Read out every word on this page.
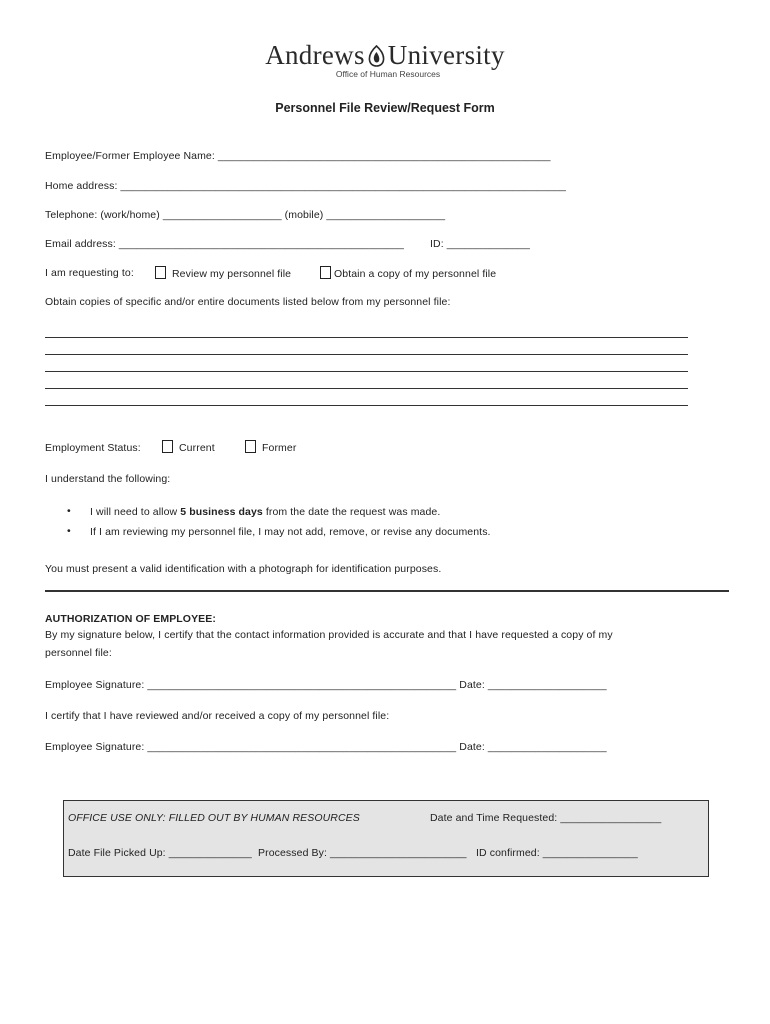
Andrews University
Office of Human Resources
Personnel File Review/Request Form
Employee/Former Employee Name: ________________________________________________________
Home address: ___________________________________________________________________________
Telephone: (work/home) ____________________ (mobile) ____________________
Email address: ________________________________________________ ID: ______________
I am requesting to:	Review my personnel file	Obtain a copy of my personnel file
Obtain copies of specific and/or entire documents listed below from my personnel file:
Employment Status:	Current	Former
I understand the following:
• I will need to allow 5 business days from the date the request was made.
• If I am reviewing my personnel file, I may not add, remove, or revise any documents.
You must present a valid identification with a photograph for identification purposes.
AUTHORIZATION OF EMPLOYEE:
By my signature below, I certify that the contact information provided is accurate and that I have requested a copy of my
personnel file:
Employee Signature: ____________________________________________________ Date: ____________________
I certify that I have reviewed and/or received a copy of my personnel file:
Employee Signature: ____________________________________________________ Date: ____________________
OFFICE USE ONLY: FILLED OUT BY HUMAN RESOURCES	Date and Time Requested: _________________
Date File Picked Up: ______________ Processed By: _______________________ ID confirmed: ________________
